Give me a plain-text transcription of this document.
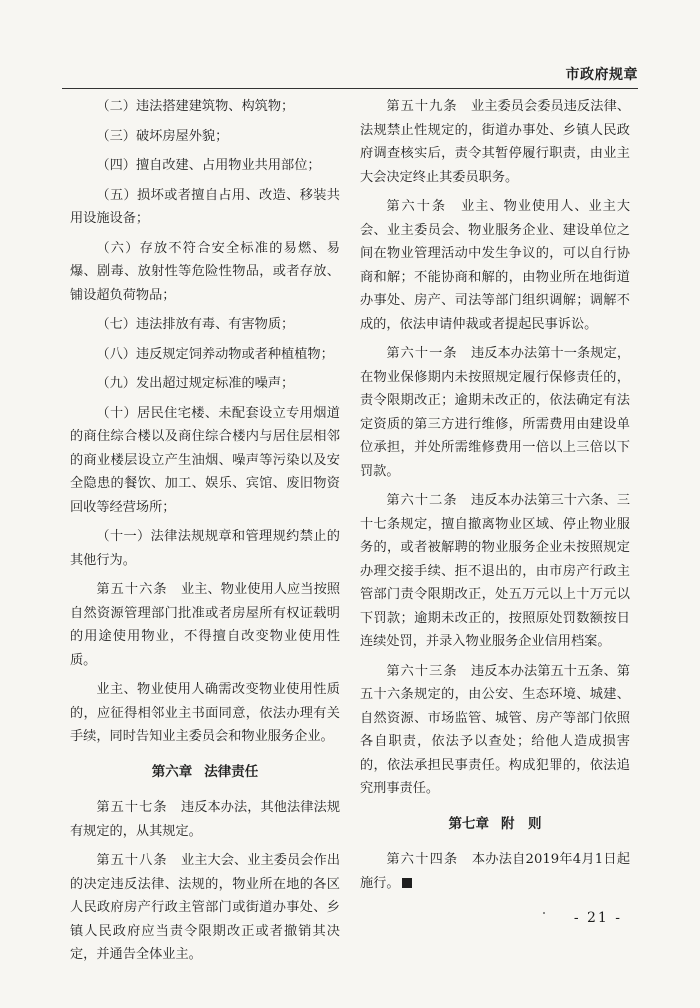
市政府规章

（二）违法搭建建筑物、构筑物；

（三）破坏房屋外貌；

（四）擅自改建、占用物业共用部位；

（五）损坏或者擅自占用、改造、移装共用设施设备；

（六）存放不符合安全标准的易燃、易爆、剧毒、放射性等危险性物品，或者存放、铺设超负荷物品；

（七）违法排放有毒、有害物质；

（八）违反规定饲养动物或者种植植物；

（九）发出超过规定标准的噪声；

（十）居民住宅楼、未配套设立专用烟道的商住综合楼以及商住综合楼内与居住层相邻的商业楼层设立产生油烟、噪声等污染以及安全隐患的餐饮、加工、娱乐、宾馆、废旧物资回收等经营场所；

（十一）法律法规规章和管理规约禁止的其他行为。

第五十六条　 业主、物业使用人应当按照自然资源管理部门批准或者房屋所有权证载明的用途使用物业，不得擅自改变物业使用性质。

业主、物业使用人确需改变物业使用性质的，应征得相邻业主书面同意，依法办理有关手续，同时告知业主委员会和物业服务企业。

第六章 法律责任

第五十七条　 违反本办法，其他法律法规有规定的，从其规定。

第五十八条　 业主大会、业主委员会作出的决定违反法律、法规的，物业所在地的各区人民政府房产行政主管部门或街道办事处、乡镇人民政府应当责令限期改正或者撤销其决定，并通告全体业主。

第五十九条　 业主委员会委员违反法律、法规禁止性规定的，街道办事处、乡镇人民政府调查核实后，责令其暂停履行职责，由业主大会决定终止其委员职务。

第六十条　 业主、物业使用人、业主大会、业主委员会、物业服务企业、建设单位之间在物业管理活动中发生争议的，可以自行协商和解；不能协商和解的，由物业所在地街道办事处、房产、司法等部门组织调解；调解不成的，依法申请仲裁或者提起民事诉讼。

第六十一条　 违反本办法第十一条规定，在物业保修期内未按照规定履行保修责任的，责令限期改正；逾期未改正的，依法确定有法定资质的第三方进行维修，所需费用由建设单位承担，并处所需维修费用一倍以上三倍以下罚款。

第六十二条　 违反本办法第三十六条、三十七条规定，擅自撤离物业区域、停止物业服务的，或者被解聘的物业服务企业未按照规定办理交接手续、拒不退出的，由市房产行政主管部门责令限期改正，处五万元以上十万元以下罚款；逾期未改正的，按照原处罚数额按日连续处罚，并录入物业服务企业信用档案。

第六十三条　 违反本办法第五十五条、第五十六条规定的，由公安、生态环境、城建、自然资源、市场监管、城管、房产等部门依照各自职责，依法予以查处；给他人造成损害的，依法承担民事责任。构成犯罪的，依法追究刑事责任。

第七章 附　则

第六十四条　 本办法自2019年4月1日起施行。

- 21 -
